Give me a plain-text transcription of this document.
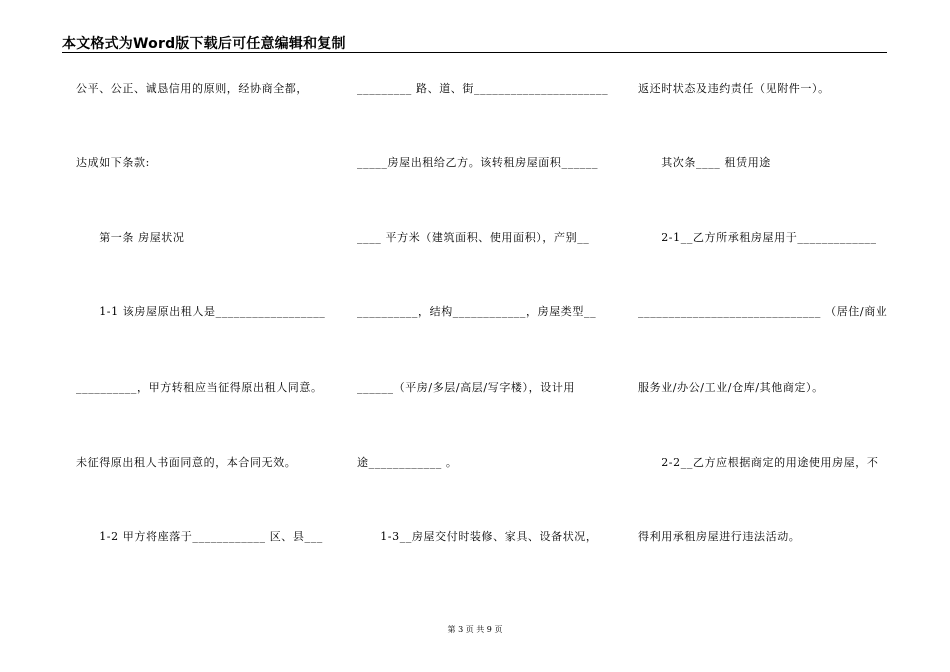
本文格式为Word版下载后可任意编辑和复制
公平、公正、诚恳信用的原则，经协商全都，
达成如下条款:
　　第一条 房屋状况
　　1-1 该房屋原出租人是__________________
__________，甲方转租应当征得原出租人同意。
未征得原出租人书面同意的，本合同无效。
　　1-2 甲方将座落于____________ 区、县___
_________ 路、道、街______________________
_____房屋出租给乙方。该转租房屋面积______
____ 平方米（建筑面积、使用面积），产别__
__________，结构____________，房屋类型__
______（平房/多层/高层/写字楼），设计用
途____________ 。
　　1-3__房屋交付时装修、家具、设备状况，
返还时状态及违约责任（见附件一）。
　　其次条____ 租赁用途
　　2-1__乙方所承租房屋用于_____________
______________________________ （居住/商业
服务业/办公/工业/仓库/其他商定）。
　　2-2__乙方应根据商定的用途使用房屋，不
得利用承租房屋进行违法活动。
第 3 页 共 9 页
